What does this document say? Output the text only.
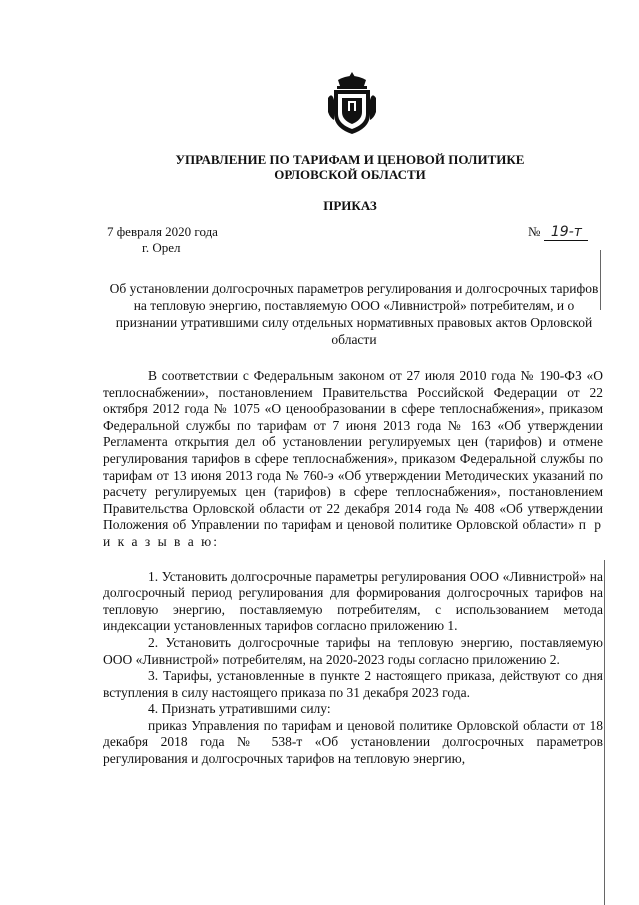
УПРАВЛЕНИЕ ПО ТАРИФАМ И ЦЕНОВОЙ ПОЛИТИКЕ
ОРЛОВСКОЙ ОБЛАСТИ
ПРИКАЗ
7 февраля 2020 года
г. Орел
№ 19-т
Об установлении долгосрочных параметров регулирования и долгосрочных тарифов на тепловую энергию, поставляемую ООО «Ливнистрой» потребителям, и о признании утратившими силу отдельных нормативных правовых актов Орловской области

В соответствии с Федеральным законом от 27 июля 2010 года № 190-ФЗ «О теплоснабжении», постановлением Правительства Российской Федерации от 22 октября 2012 года № 1075 «О ценообразовании в сфере теплоснабжения», приказом Федеральной службы по тарифам от 7 июня 2013 года № 163 «Об утверждении Регламента открытия дел об установлении регулируемых цен (тарифов) и отмене регулирования тарифов в сфере теплоснабжения», приказом Федеральной службы по тарифам от 13 июня 2013 года № 760-э «Об утверждении Методических указаний по расчету регулируемых цен (тарифов) в сфере теплоснабжения», постановлением Правительства Орловской области от 22 декабря 2014 года № 408 «Об утверждении Положения об Управлении по тарифам и ценовой политике Орловской области» п р и к а з ы в а ю:

1. Установить долгосрочные параметры регулирования ООО «Ливнистрой» на долгосрочный период регулирования для формирования долгосрочных тарифов на тепловую энергию, поставляемую потребителям, с использованием метода индексации установленных тарифов согласно приложению 1.

2. Установить долгосрочные тарифы на тепловую энергию, поставляемую ООО «Ливнистрой» потребителям, на 2020-2023 годы согласно приложению 2.

3. Тарифы, установленные в пункте 2 настоящего приказа, действуют со дня вступления в силу настоящего приказа по 31 декабря 2023 года.

4. Признать утратившими силу:

приказ Управления по тарифам и ценовой политике Орловской области от 18 декабря 2018 года № 538-т «Об установлении долгосрочных параметров регулирования и долгосрочных тарифов на тепловую энергию,
